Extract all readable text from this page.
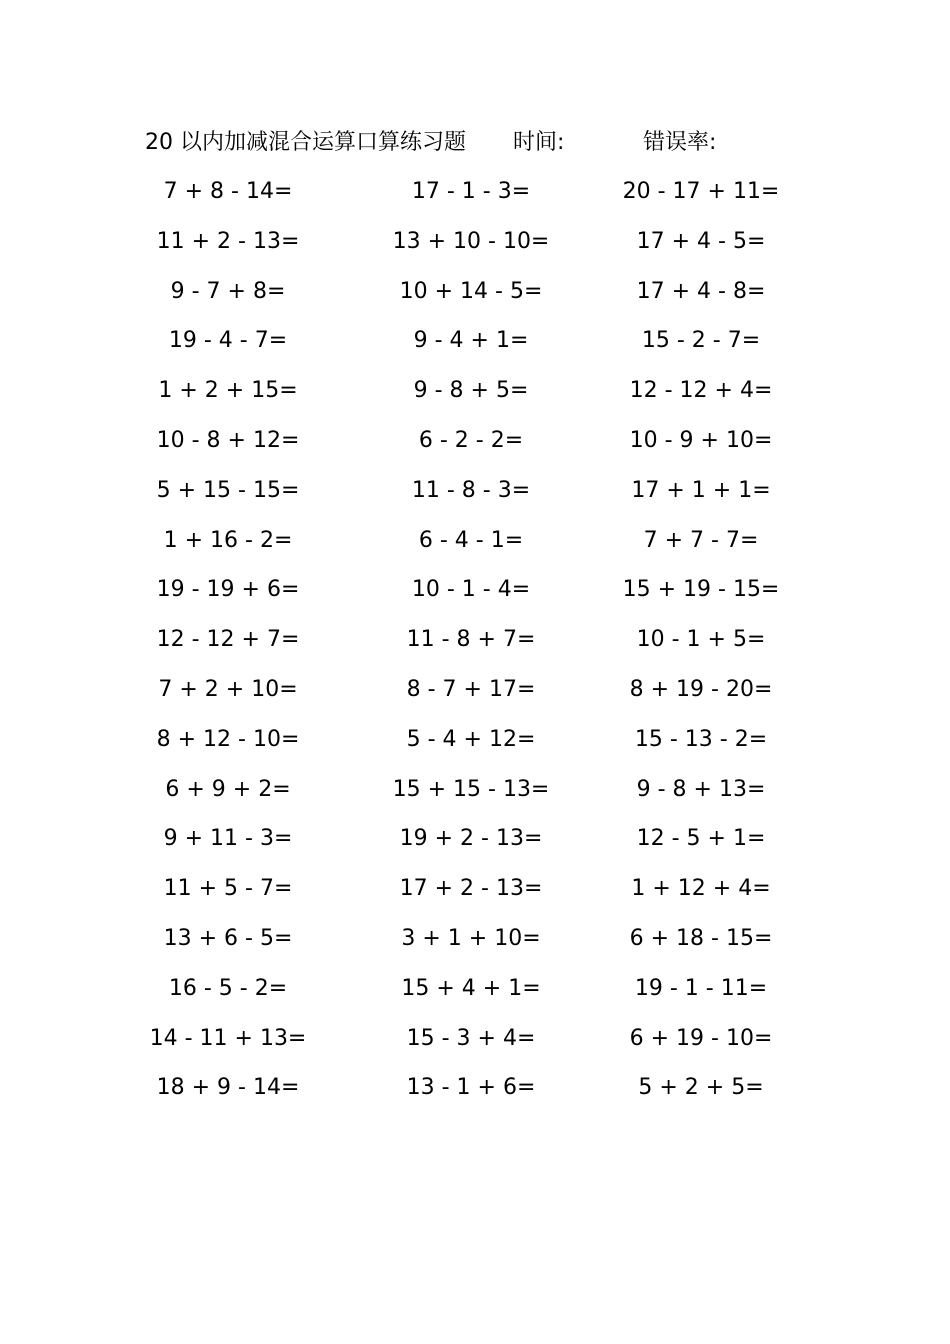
20 以内加减混合运算口算练习题 时间:	错误率:
7 + 8 - 14=	17 - 1 - 3=	20 - 17 + 11=
11 + 2 - 13=	13 + 10 - 10=	17 + 4 - 5=
9 - 7 + 8=	10 + 14 - 5=	17 + 4 - 8=
19 - 4 - 7=	9 - 4 + 1=	15 - 2 - 7=
1 + 2 + 15=	9 - 8 + 5=	12 - 12 + 4=
10 - 8 + 12=	6 - 2 - 2=	10 - 9 + 10=
5 + 15 - 15=	11 - 8 - 3=	17 + 1 + 1=
1 + 16 - 2=	6 - 4 - 1=	7 + 7 - 7=
19 - 19 + 6=	10 - 1 - 4=	15 + 19 - 15=
12 - 12 + 7=	11 - 8 + 7=	10 - 1 + 5=
7 + 2 + 10=	8 - 7 + 17=	8 + 19 - 20=
8 + 12 - 10=	5 - 4 + 12=	15 - 13 - 2=
6 + 9 + 2=	15 + 15 - 13=	9 - 8 + 13=
9 + 11 - 3=	19 + 2 - 13=	12 - 5 + 1=
11 + 5 - 7=	17 + 2 - 13=	1 + 12 + 4=
13 + 6 - 5=	3 + 1 + 10=	6 + 18 - 15=
16 - 5 - 2=	15 + 4 + 1=	19 - 1 - 11=
14 - 11 + 13=	15 - 3 + 4=	6 + 19 - 10=
18 + 9 - 14=	13 - 1 + 6=	5 + 2 + 5=
